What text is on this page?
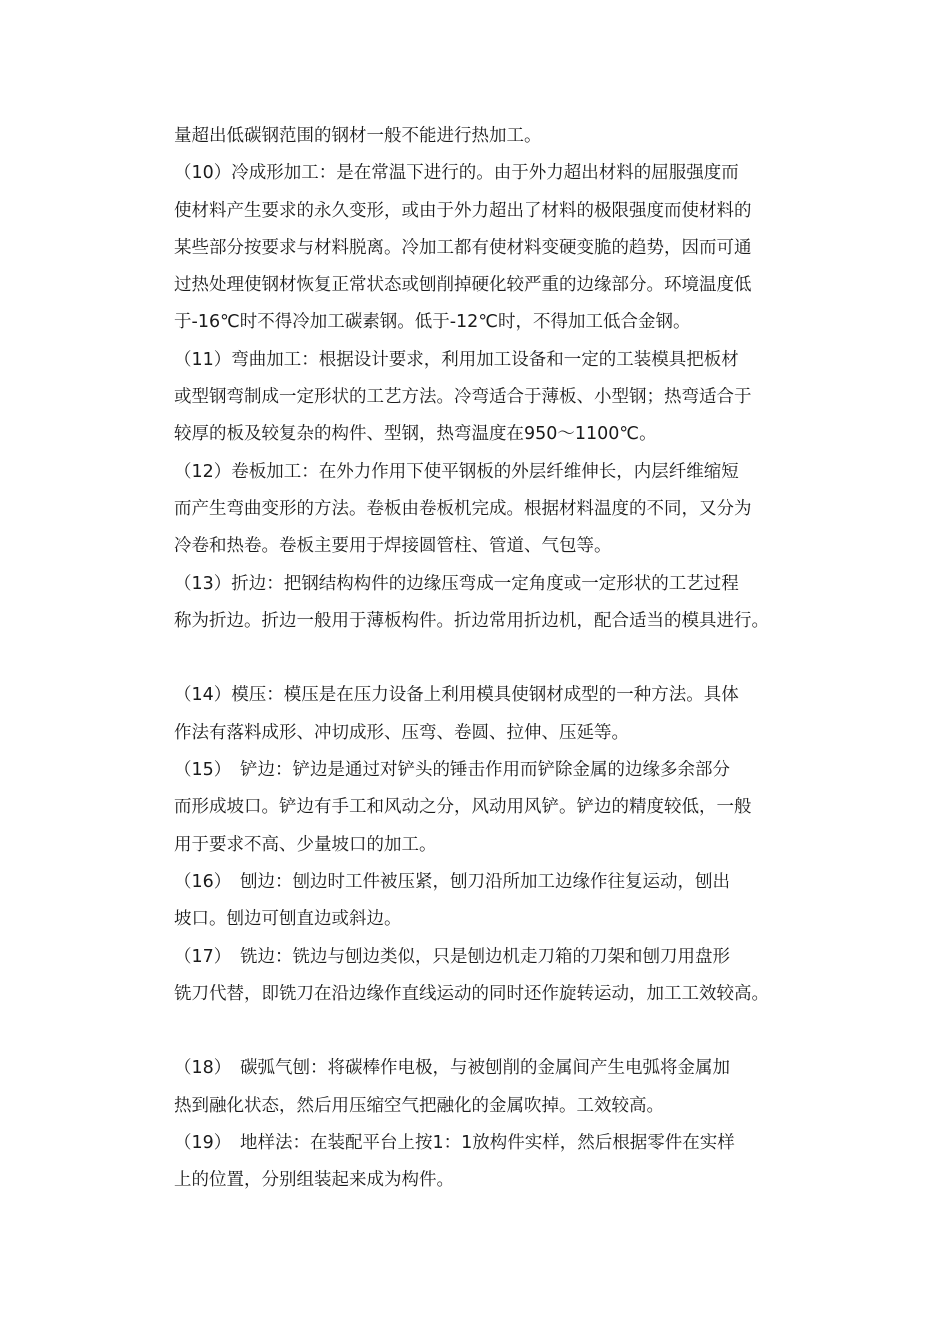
量超出低碳钢范围的钢材一般不能进行热加工。
（10）冷成形加工：是在常温下进行的。由于外力超出材料的屈服强度而
使材料产生要求的永久变形，或由于外力超出了材料的极限强度而使材料的
某些部分按要求与材料脱离。冷加工都有使材料变硬变脆的趋势，因而可通
过热处理使钢材恢复正常状态或刨削掉硬化较严重的边缘部分。环境温度低
于-16℃时不得冷加工碳素钢。低于-12℃时，不得加工低合金钢。
（11）弯曲加工：根据设计要求，利用加工设备和一定的工装模具把板材
或型钢弯制成一定形状的工艺方法。冷弯适合于薄板、小型钢；热弯适合于
较厚的板及较复杂的构件、型钢，热弯温度在950～1100℃。
（12）卷板加工：在外力作用下使平钢板的外层纤维伸长，内层纤维缩短
而产生弯曲变形的方法。卷板由卷板机完成。根据材料温度的不同，又分为
冷卷和热卷。卷板主要用于焊接圆管柱、管道、气包等。
（13）折边：把钢结构构件的边缘压弯成一定角度或一定形状的工艺过程
称为折边。折边一般用于薄板构件。折边常用折边机，配合适当的模具进行。
（14）模压：模压是在压力设备上利用模具使钢材成型的一种方法。具体
作法有落料成形、冲切成形、压弯、卷圆、拉伸、压延等。
（15）　铲边：铲边是通过对铲头的锤击作用而铲除金属的边缘多余部分
而形成坡口。铲边有手工和风动之分，风动用风铲。铲边的精度较低，一般
用于要求不高、少量坡口的加工。
（16）　刨边：刨边时工件被压紧，刨刀沿所加工边缘作往复运动，刨出
坡口。刨边可刨直边或斜边。
（17）　铣边：铣边与刨边类似，只是刨边机走刀箱的刀架和刨刀用盘形
铣刀代替，即铣刀在沿边缘作直线运动的同时还作旋转运动，加工工效较高。
（18）　碳弧气刨：将碳棒作电极，与被刨削的金属间产生电弧将金属加
热到融化状态，然后用压缩空气把融化的金属吹掉。工效较高。
（19）　地样法：在装配平台上按1：1放构件实样，然后根据零件在实样
上的位置，分别组装起来成为构件。
